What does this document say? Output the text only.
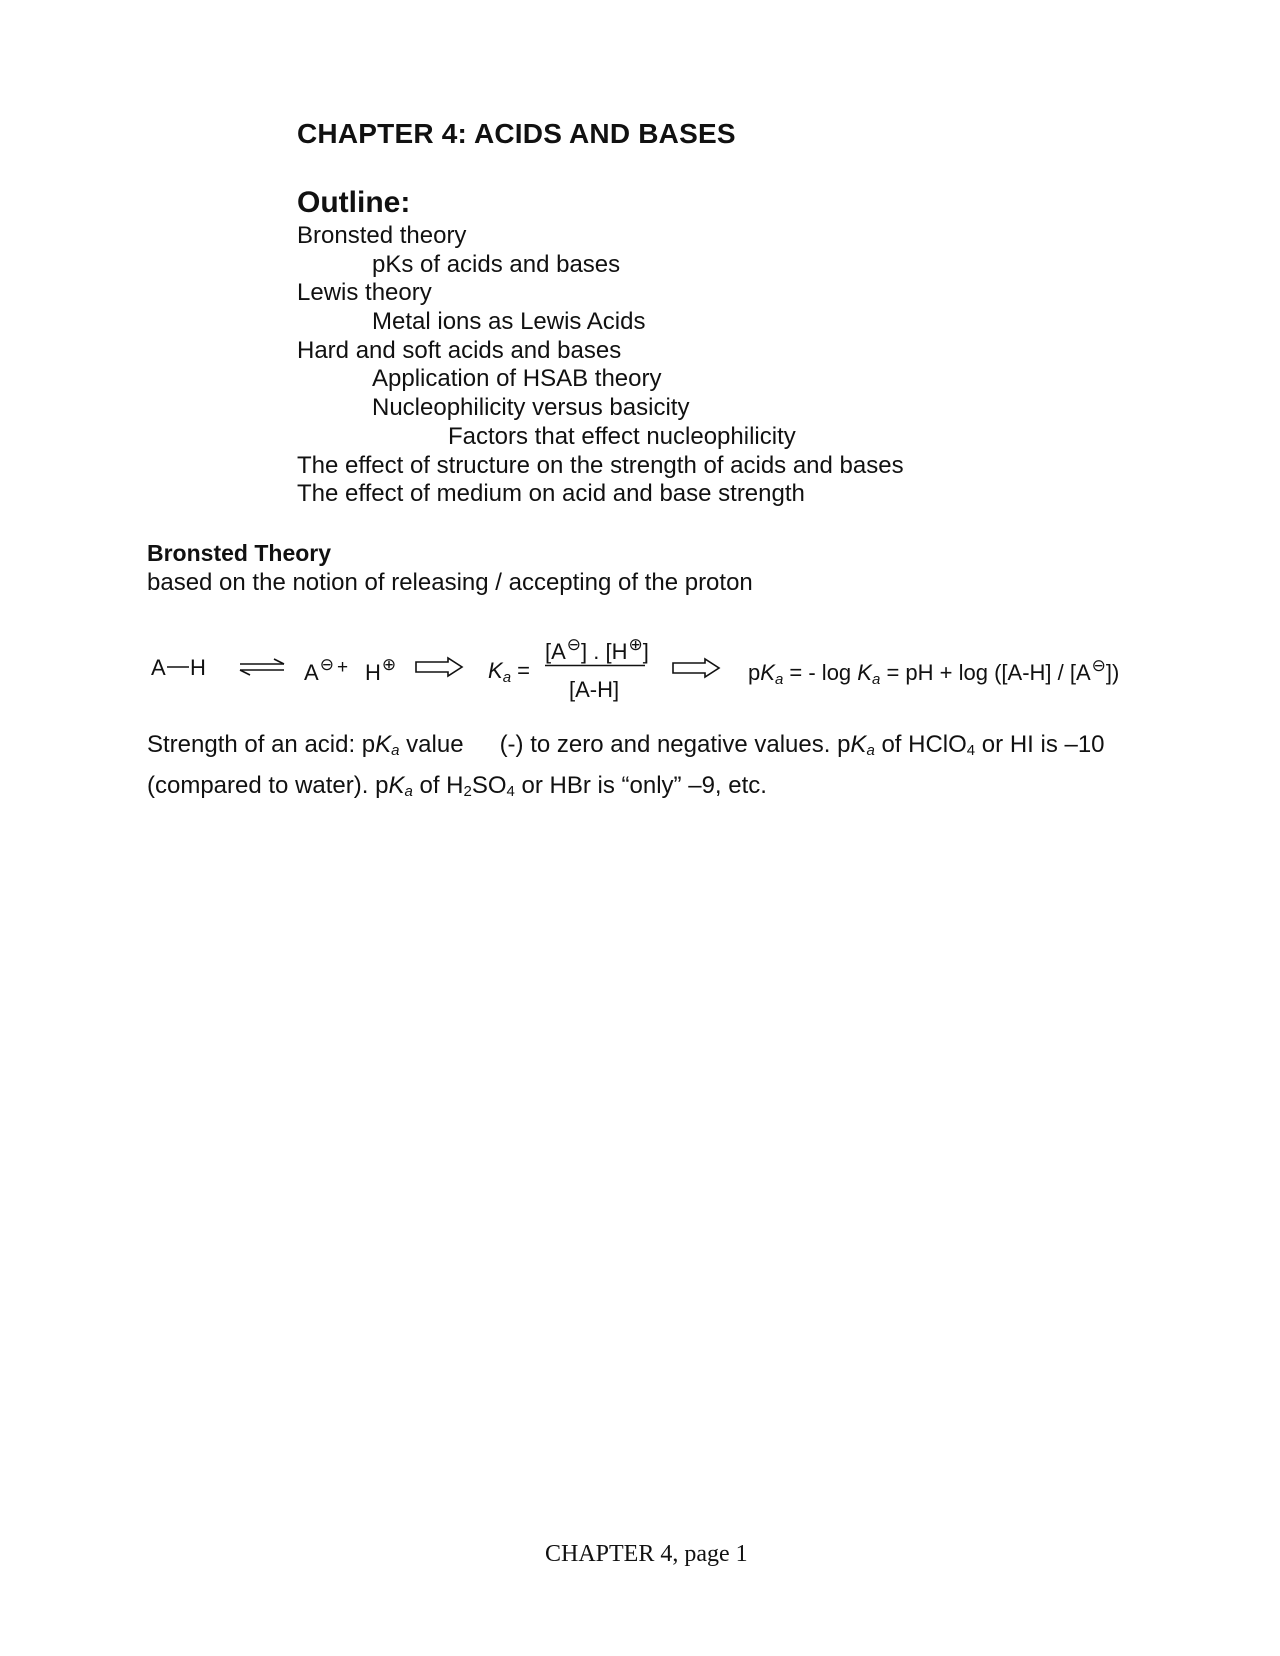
CHAPTER 4: ACIDS AND BASES
Outline:
Bronsted theory
pKs of acids and bases
Lewis theory
Metal ions as Lewis Acids
Hard and soft acids and bases
Application of HSAB theory
Nucleophilicity versus basicity
Factors that effect nucleophilicity
The effect of structure on the strength of acids and bases
The effect of medium on acid and base strength
Bronsted Theory
based on the notion of releasing / accepting of the proton
A H ⇌ A⊖ + H⊕	$K_a$ =
[A⊖] . [H⊕]
[A-H]
$pK_a$ = - $\log K_a$ = pH + log ([A-H] / [A⊖])

Strength of an acid: $pK_a$ value (-) to zero and negative values. $pK_a$ of HClO$_4$ or HI is –10

(compared to water). $pK_a$ of $H_2SO_4$ or HBr is “only” –9, etc.

CHAPTER 4, page 1
